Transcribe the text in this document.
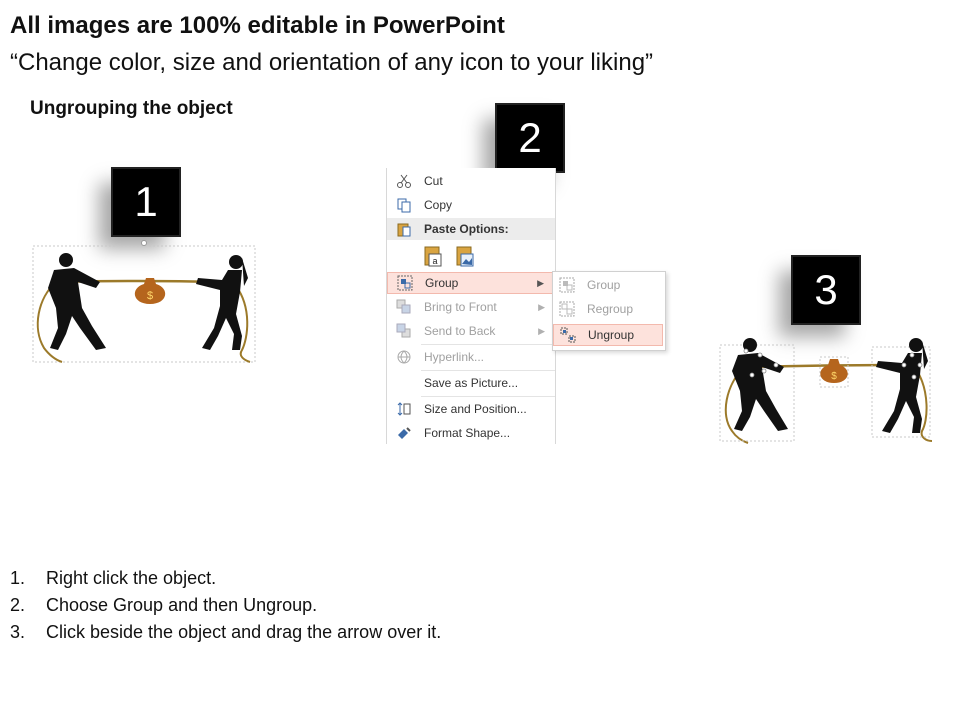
All images are 100% editable in PowerPoint
“Change color, size and orientation of any icon to your liking”
Ungrouping the object
1
2
3
$
$
Cut
Copy
Paste Options:
a
Group	▶
Bring to Front	▶
Send to Back	▶
Hyperlink...
Save as Picture...
Size and Position...
Format Shape...
Group
Regroup
Ungroup
1. Right click the object.
2. Choose Group and then Ungroup.
3. Click beside the object and drag the arrow over it.
